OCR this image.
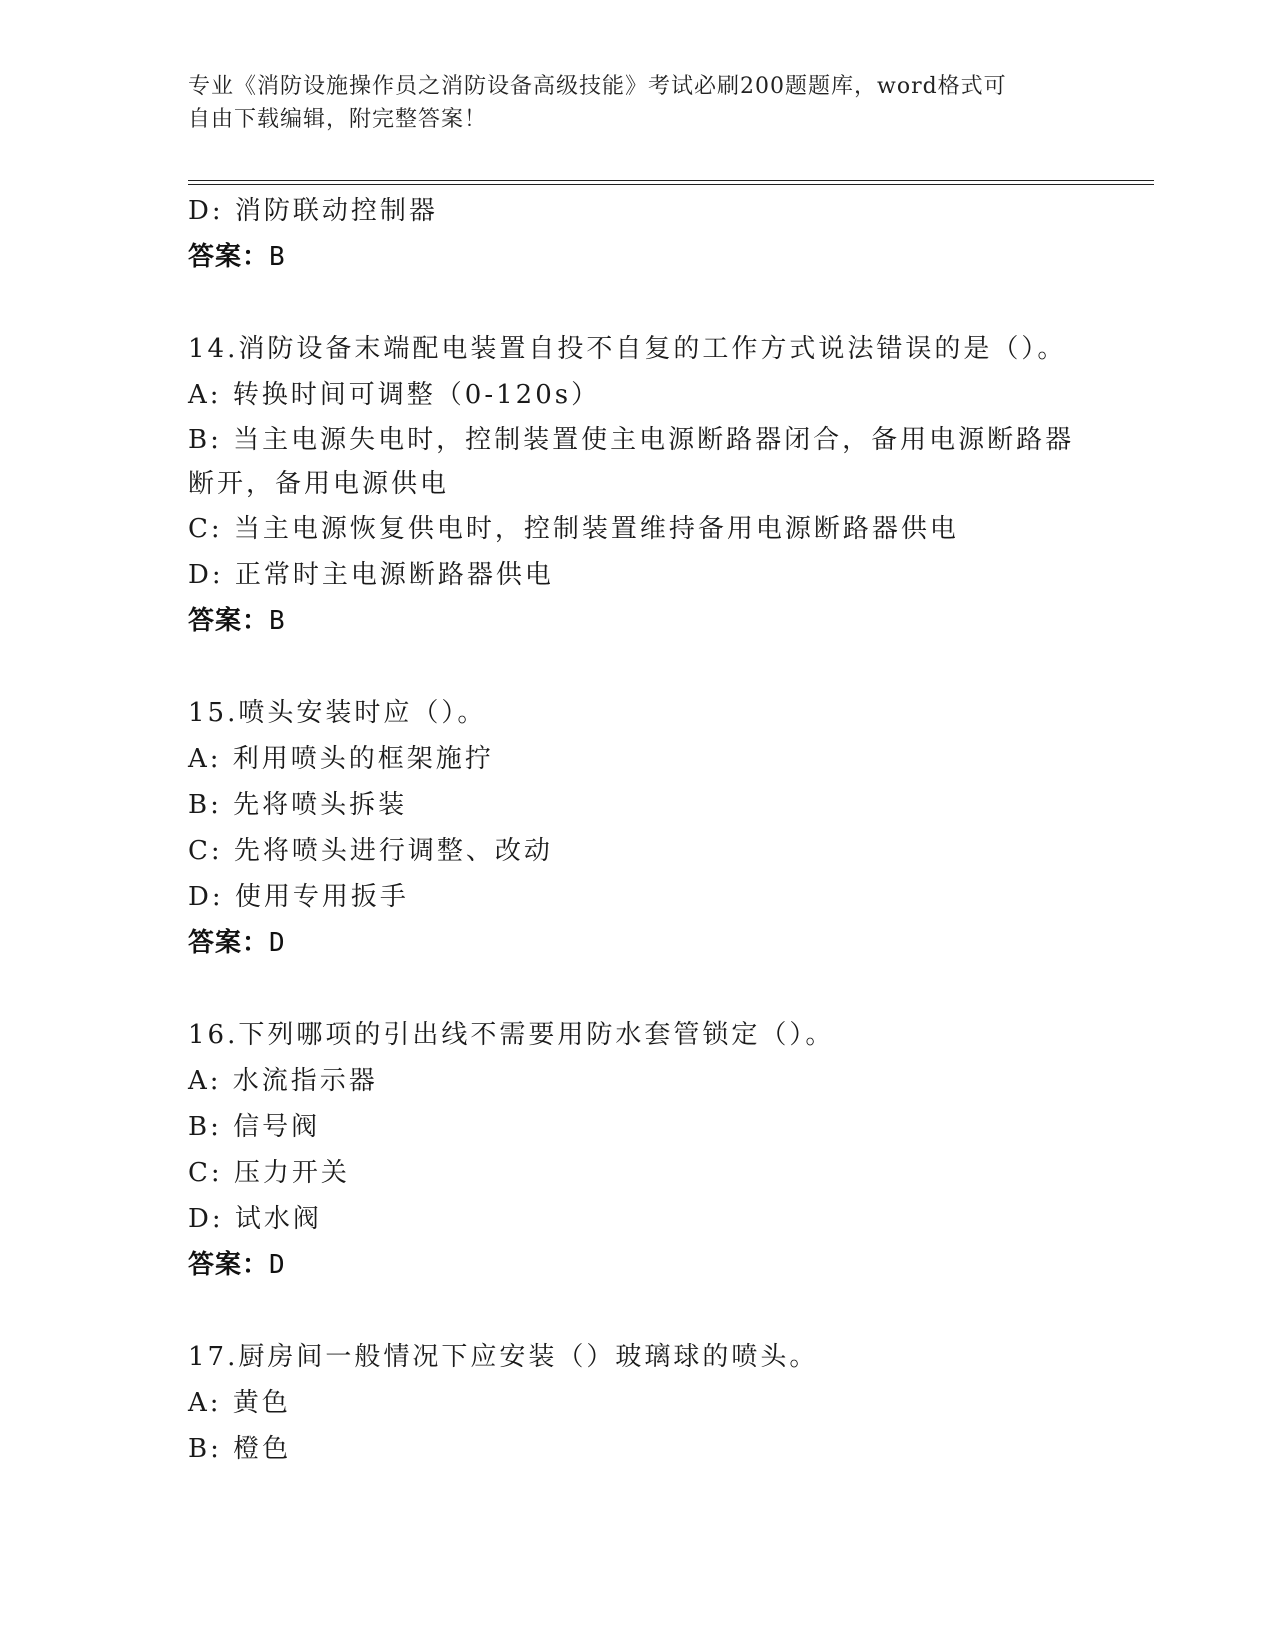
专业《消防设施操作员之消防设备高级技能》考试必刷200题题库，word格式可
自由下载编辑，附完整答案！
D: 消防联动控制器
答案：B
14.消防设备末端配电装置自投不自复的工作方式说法错误的是（）。
A: 转换时间可调整（0-120s）
B: 当主电源失电时，控制装置使主电源断路器闭合，备用电源断路器断开，备用电源供电
C: 当主电源恢复供电时，控制装置维持备用电源断路器供电
D: 正常时主电源断路器供电
答案：B
15.喷头安装时应（）。
A: 利用喷头的框架施拧
B: 先将喷头拆装
C: 先将喷头进行调整、改动
D: 使用专用扳手
答案：D
16.下列哪项的引出线不需要用防水套管锁定（）。
A: 水流指示器
B: 信号阀
C: 压力开关
D: 试水阀
答案：D
17.厨房间一般情况下应安装（）玻璃球的喷头。
A: 黄色
B: 橙色
